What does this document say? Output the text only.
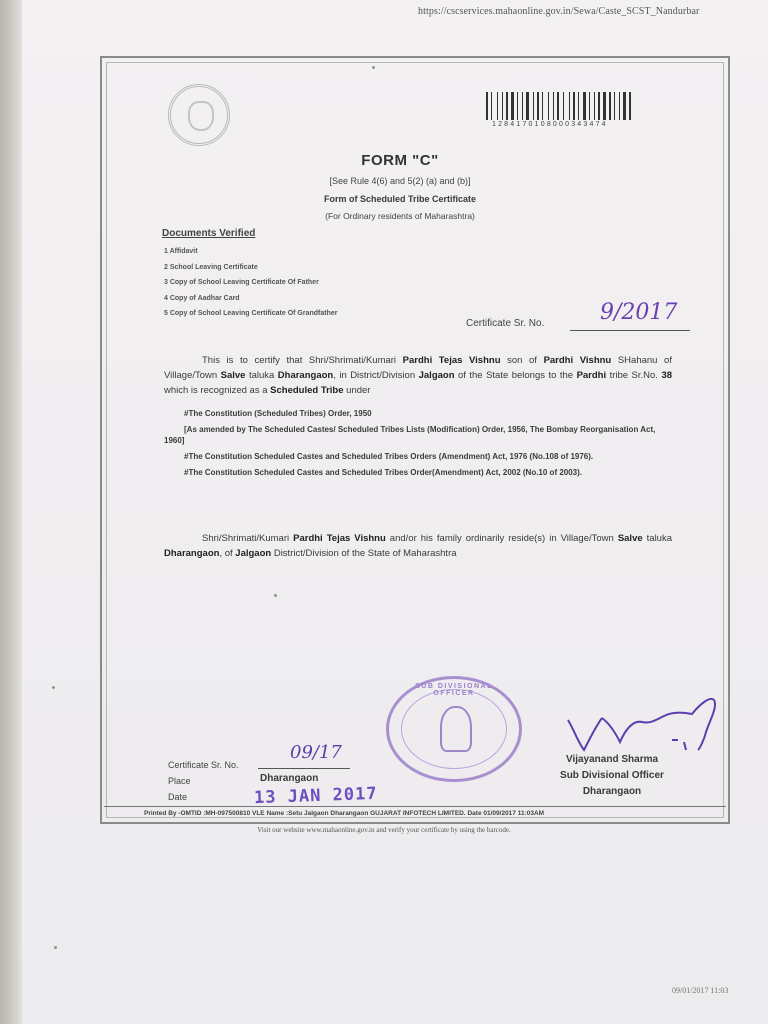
https://cscservices.mahaonline.gov.in/Sewa/Caste_SCST_Nandurbar
1284170108000343474
FORM "C"
[See Rule 4(6) and 5(2) (a) and (b)]
Form of Scheduled Tribe Certificate
(For Ordinary residents of Maharashtra)
Documents Verified
1 Affidavit
2 School Leaving Certificate
3 Copy of School Leaving Certificate Of Father
4 Copy of Aadhar Card
5 Copy of School Leaving Certificate Of Grandfather
Certificate Sr. No.	9/2017

This is to certify that Shri/Shrimati/Kumari Pardhi Tejas Vishnu son of Pardhi Vishnu SHahanu of Village/Town Salve taluka Dharangaon, in District/Division Jalgaon of the State belongs to the Pardhi tribe Sr.No. 38 which is recognized as a Scheduled Tribe under

#The Constitution (Scheduled Tribes) Order, 1950
[As amended by The Scheduled Castes/ Scheduled Tribes Lists (Modification) Order, 1956, The Bombay Reorganisation Act, 1960]
#The Constitution Scheduled Castes and Scheduled Tribes Orders (Amendment) Act, 1976 (No.108 of 1976).
#The Constitution Scheduled Castes and Scheduled Tribes Order(Amendment) Act, 2002 (No.10 of 2003).

Shri/Shrimati/Kumari Pardhi Tejas Vishnu and/or his family ordinarily reside(s) in Village/Town Salve taluka Dharangaon, of Jalgaon District/Division of the State of Maharashtra

SUB DIVISIONAL OFFICER
Vijayanand Sharma
Sub Divisional Officer
Dharangaon
Certificate Sr. No.
09/17
Place	Dharangaon
Date	13 JAN 2017
Printed By -OMTID :MH-097500810 VLE Name :Setu Jalgaon Dharangaon GUJARAT INFOTECH LIMITED. Date 01/09/2017 11:03AM
Visit our website www.mahaonline.gov.in and verify your certificate by using the barcode.
09/01/2017 11:03
